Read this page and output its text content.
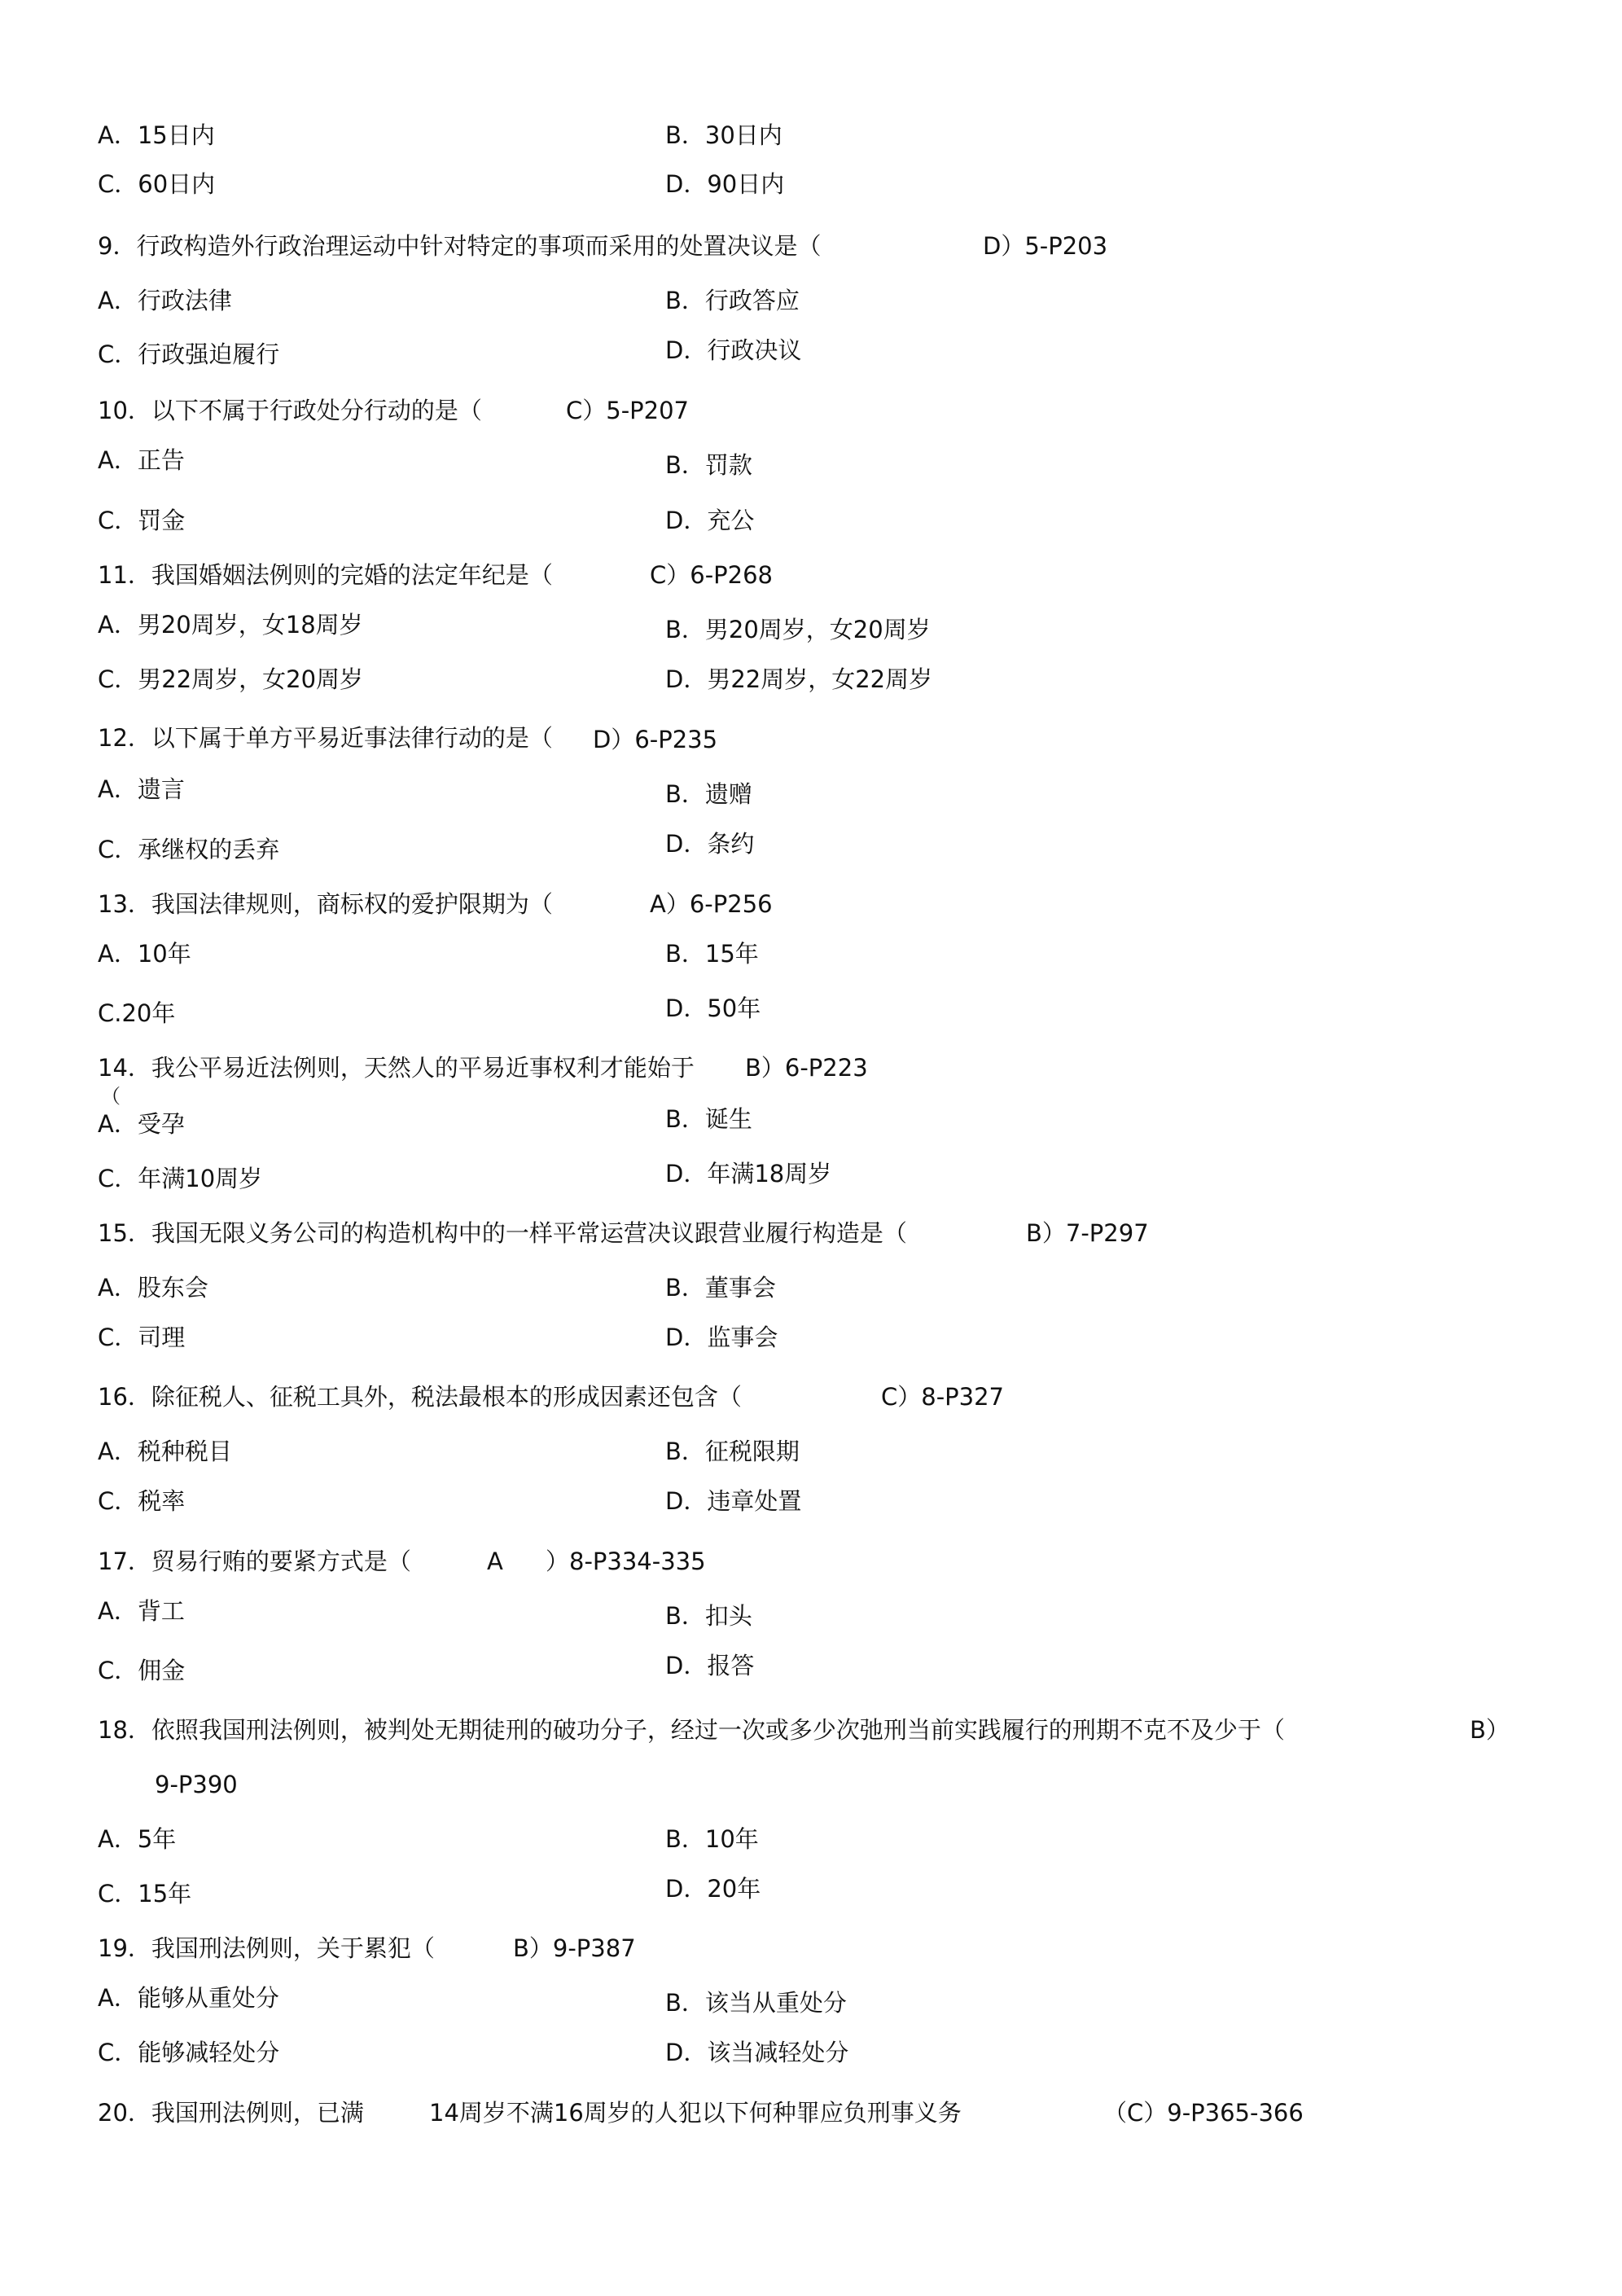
A．15日内	B．30日内
C．60日内	D．90日内
9．行政构造外行政治理运动中针对特定的事项而采用的处置决议是（	D）5-P203
A．行政法律	B．行政答应
C．行政强迫履行	D．行政决议
10．以下不属于行政处分行动的是（	C）5-P207
A．正告	B．罚款
C．罚金	D．充公
11．我国婚姻法例则的完婚的法定年纪是（	C）6-P268
A．男20周岁，女18周岁	B．男20周岁，女20周岁
C．男22周岁，女20周岁	D．男22周岁，女22周岁
12．以下属于单方平易近事法律行动的是（ D）6-P235
A．遗言	B．遗赠
C．承继权的丢弃	D．条约
13．我国法律规则，商标权的爱护限期为（	A）6-P256
A．10年	B．15年
C.20年	D．50年
14．我公平易近法例则，天然人的平易近事权利才能始于 B）6-P223
（
A．受孕	B．诞生
C．年满10周岁	D．年满18周岁
15．我国无限义务公司的构造机构中的一样平常运营决议跟营业履行构造是（	B）7-P297
A．股东会	B．董事会
C．司理	D．监事会
16．除征税人、征税工具外，税法最根本的形成因素还包含（	C）8-P327
A．税种税目	B．征税限期
C．税率	D．违章处置
17．贸易行贿的要紧方式是（	A ）8-P334-335
A．背工	B．扣头
C．佣金	D．报答
18．依照我国刑法例则，被判处无期徒刑的破功分子，经过一次或多少次弛刑当前实践履行的刑期不克不及少于（	B）
9-P390
A．5年	B．10年
C．15年	D．20年
19．我国刑法例则，关于累犯（	B）9-P387
A．能够从重处分	B．该当从重处分
C．能够减轻处分	D．该当减轻处分
20．我国刑法例则，已满	14周岁不满16周岁的人犯以下何种罪应负刑事义务	（C）9-P365-366
